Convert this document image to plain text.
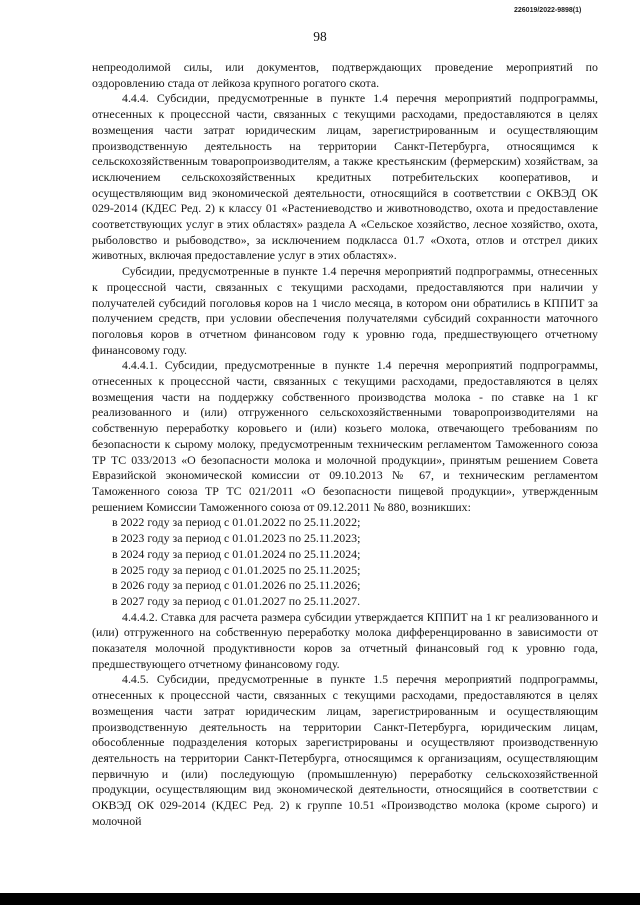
226019/2022-9898(1)
98

непреодолимой силы, или документов, подтверждающих проведение мероприятий по оздоровлению стада от лейкоза крупного рогатого скота.

4.4.4. Субсидии, предусмотренные в пункте 1.4 перечня мероприятий подпрограммы, отнесенных к процессной части, связанных с текущими расходами, предоставляются в целях возмещения части затрат юридическим лицам, зарегистрированным и осуществляющим производственную деятельность на территории Санкт-Петербурга, относящимся к сельскохозяйственным товаропроизводителям, а также крестьянским (фермерским) хозяйствам, за исключением сельскохозяйственных кредитных потребительских кооперативов, и осуществляющим вид экономической деятельности, относящийся в соответствии с ОКВЭД ОК 029-2014 (КДЕС Ред. 2) к классу 01 «Растениеводство и животноводство, охота и предоставление соответствующих услуг в этих областях» раздела А «Сельское хозяйство, лесное хозяйство, охота, рыболовство и рыбоводство», за исключением подкласса 01.7 «Охота, отлов и отстрел диких животных, включая предоставление услуг в этих областях».

Субсидии, предусмотренные в пункте 1.4 перечня мероприятий подпрограммы, отнесенных к процессной части, связанных с текущими расходами, предоставляются при наличии у получателей субсидий поголовья коров на 1 число месяца, в котором они обратились в КППИТ за получением средств, при условии обеспечения получателями субсидий сохранности маточного поголовья коров в отчетном финансовом году к уровню года, предшествующего отчетному финансовому году.

4.4.4.1. Субсидии, предусмотренные в пункте 1.4 перечня мероприятий подпрограммы, отнесенных к процессной части, связанных с текущими расходами, предоставляются в целях возмещения части на поддержку собственного производства молока - по ставке на 1 кг реализованного и (или) отгруженного сельскохозяйственными товаропроизводителями на собственную переработку коровьего и (или) козьего молока, отвечающего требованиям по безопасности к сырому молоку, предусмотренным техническим регламентом Таможенного союза ТР ТС 033/2013 «О безопасности молока и молочной продукции», принятым решением Совета Евразийской экономической комиссии от 09.10.2013 № 67, и техническим регламентом Таможенного союза ТР ТС 021/2011 «О безопасности пищевой продукции», утвержденным решением Комиссии Таможенного союза от 09.12.2011 № 880, возникших:

в 2022 году за период с 01.01.2022 по 25.11.2022;

в 2023 году за период с 01.01.2023 по 25.11.2023;

в 2024 году за период с 01.01.2024 по 25.11.2024;

в 2025 году за период с 01.01.2025 по 25.11.2025;

в 2026 году за период с 01.01.2026 по 25.11.2026;

в 2027 году за период с 01.01.2027 по 25.11.2027.

4.4.4.2. Ставка для расчета размера субсидии утверждается КППИТ на 1 кг реализованного и (или) отгруженного на собственную переработку молока дифференцированно в зависимости от показателя молочной продуктивности коров за отчетный финансовый год к уровню года, предшествующего отчетному финансовому году.

4.4.5. Субсидии, предусмотренные в пункте 1.5 перечня мероприятий подпрограммы, отнесенных к процессной части, связанных с текущими расходами, предоставляются в целях возмещения части затрат юридическим лицам, зарегистрированным и осуществляющим производственную деятельность на территории Санкт-Петербурга, юридическим лицам, обособленные подразделения которых зарегистрированы и осуществляют производственную деятельность на территории Санкт-Петербурга, относящимся к организациям, осуществляющим первичную и (или) последующую (промышленную) переработку сельскохозяйственной продукции, осуществляющим вид экономической деятельности, относящийся в соответствии с ОКВЭД ОК 029-2014 (КДЕС Ред. 2) к группе 10.51 «Производство молока (кроме сырого) и молочной
